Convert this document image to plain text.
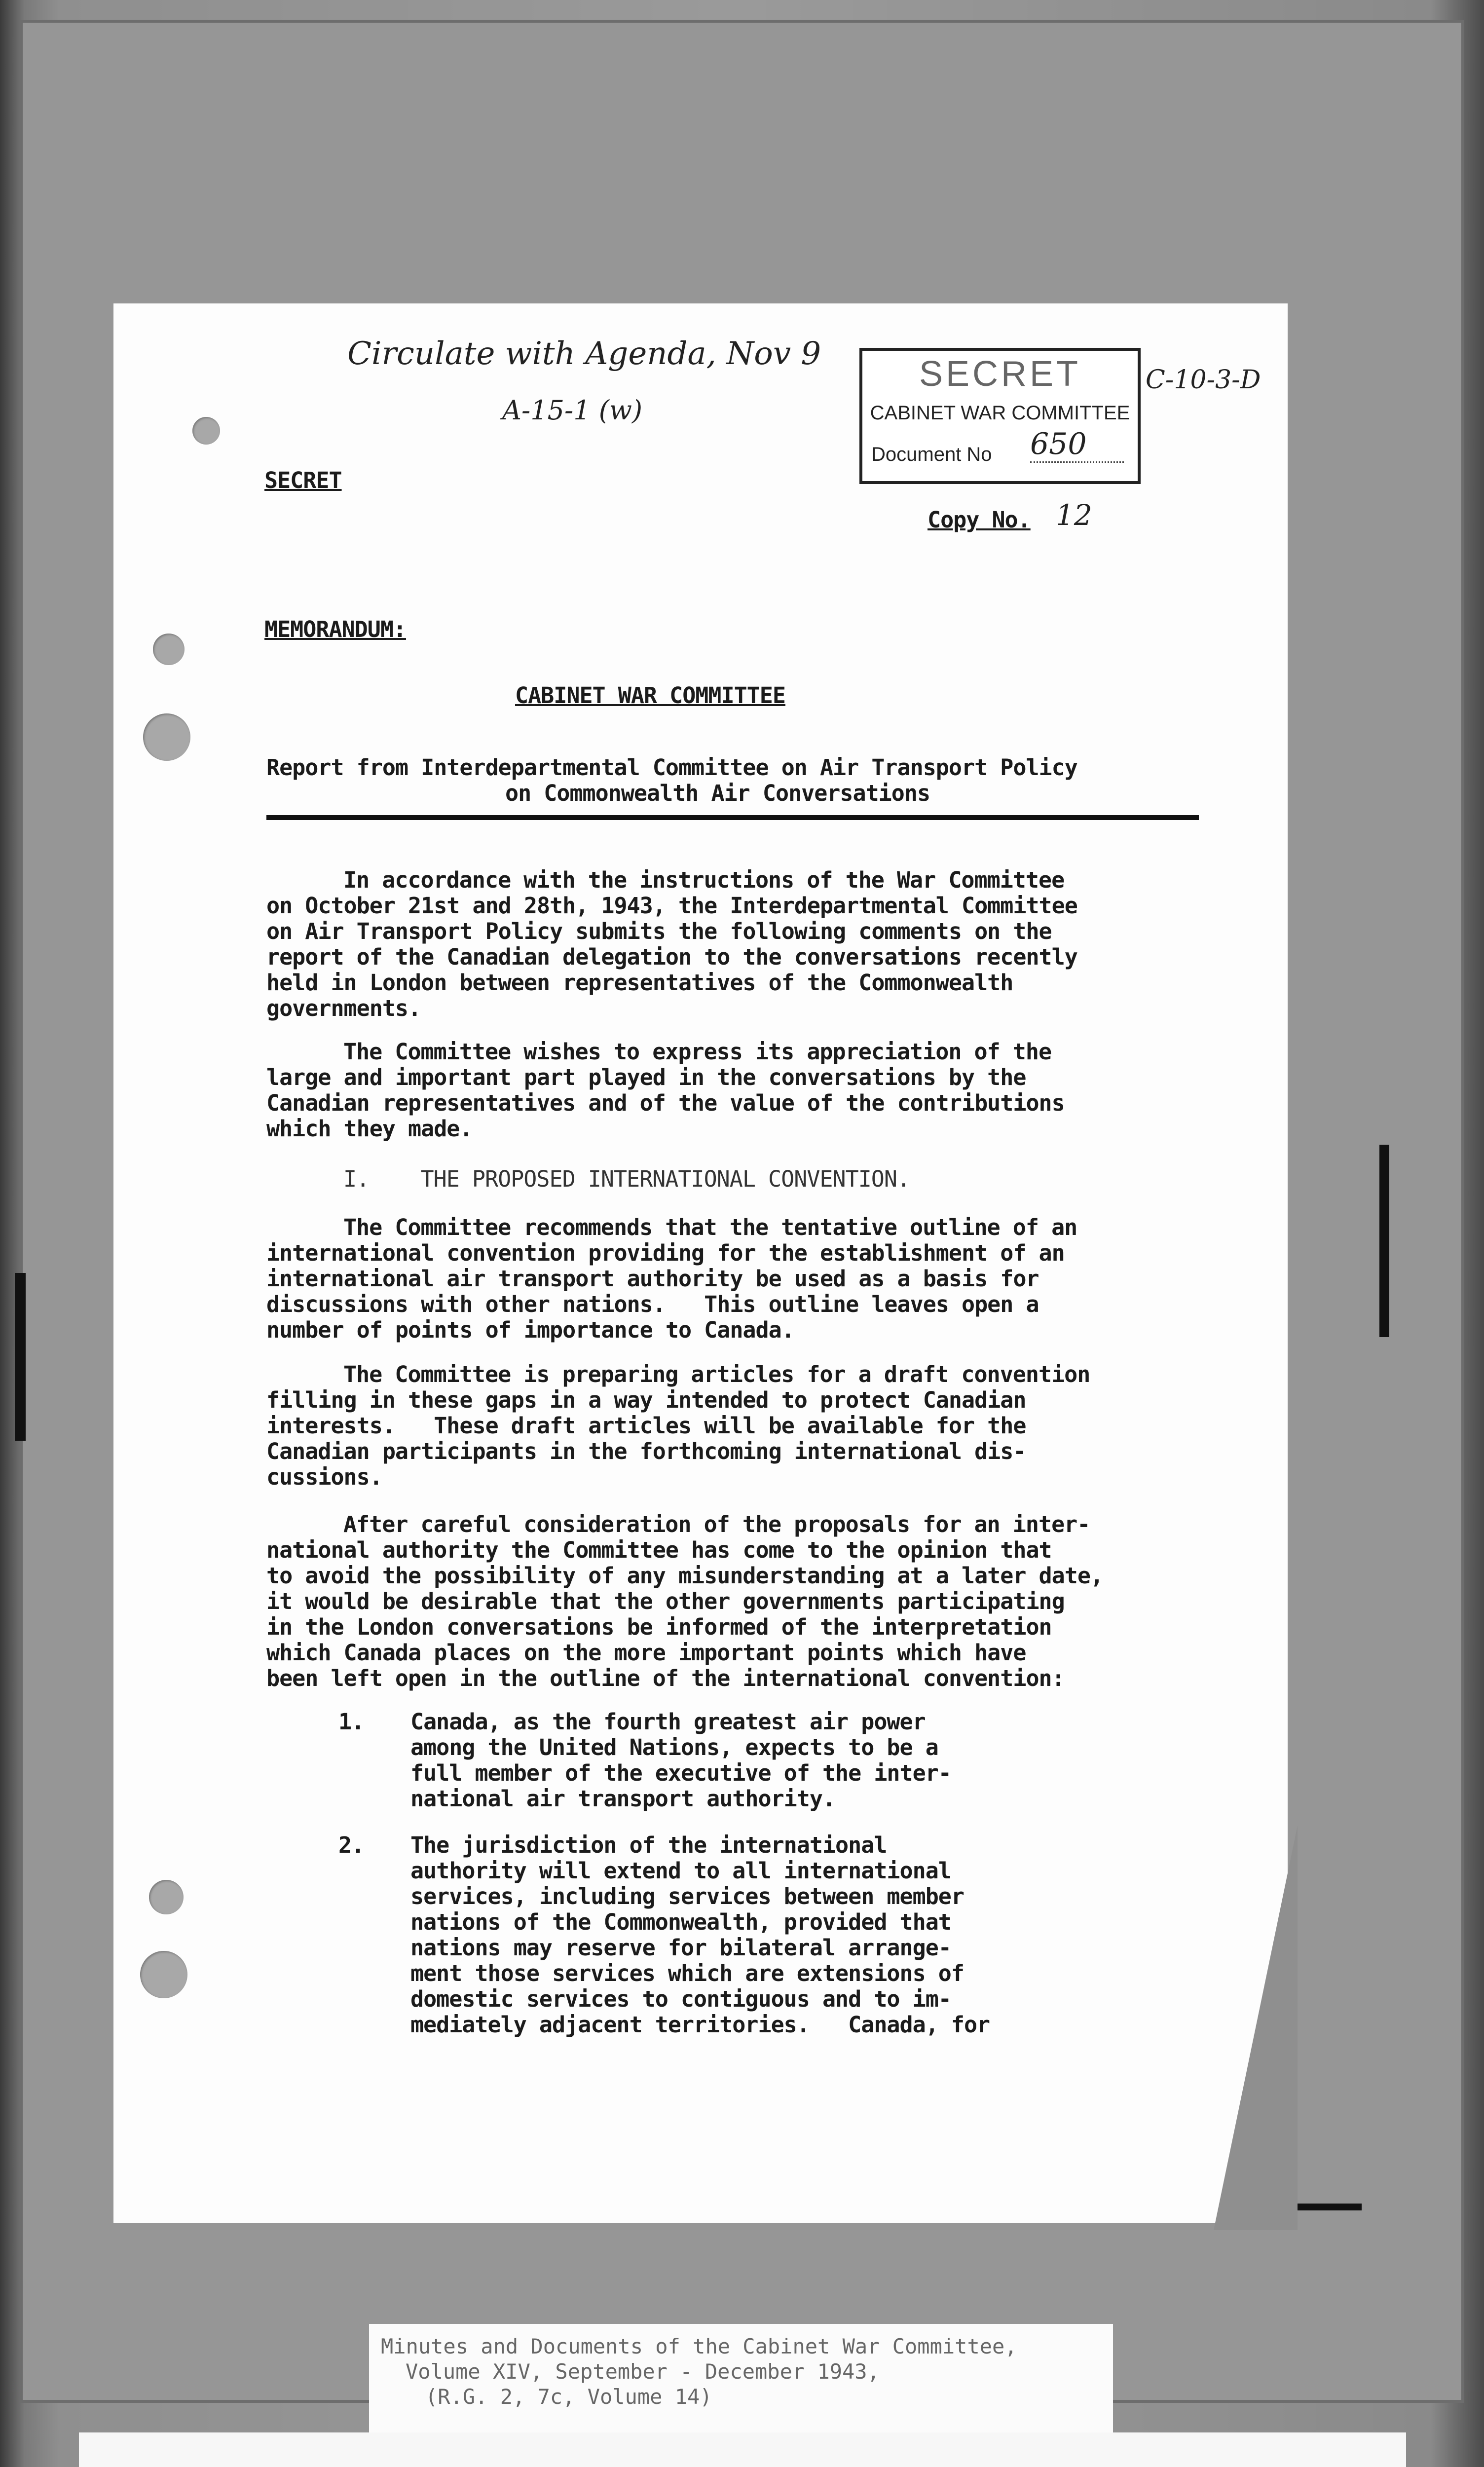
Circulate with Agenda, Nov 9
A-15-1 (w)
C-10-3-D
SECRET
CABINET WAR COMMITTEE
Document No 650
SECRET
Copy No. 12
MEMORANDUM:
CABINET WAR COMMITTEE
Report from Interdepartmental Committee on Air Transport Policy
on Commonwealth Air Conversations
In accordance with the instructions of the War Committee
on October 21st and 28th, 1943, the Interdepartmental Committee
on Air Transport Policy submits the following comments on the
report of the Canadian delegation to the conversations recently
held in London between representatives of the Commonwealth
governments.
The Committee wishes to express its appreciation of the
large and important part played in the conversations by the
Canadian representatives and of the value of the contributions
which they made.
I.    THE PROPOSED INTERNATIONAL CONVENTION.
The Committee recommends that the tentative outline of an
international convention providing for the establishment of an
international air transport authority be used as a basis for
discussions with other nations.   This outline leaves open a
number of points of importance to Canada.
The Committee is preparing articles for a draft convention
filling in these gaps in a way intended to protect Canadian
interests.   These draft articles will be available for the
Canadian participants in the forthcoming international dis-
cussions.
After careful consideration of the proposals for an inter-
national authority the Committee has come to the opinion that
to avoid the possibility of any misunderstanding at a later date,
it would be desirable that the other governments participating
in the London conversations be informed of the interpretation
which Canada places on the more important points which have
been left open in the outline of the international convention:
1. Canada, as the fourth greatest air power
among the United Nations, expects to be a
full member of the executive of the inter-
national air transport authority.
2. The jurisdiction of the international
authority will extend to all international
services, including services between member
nations of the Commonwealth, provided that
nations may reserve for bilateral arrange-
ment those services which are extensions of
domestic services to contiguous and to im-
mediately adjacent territories.   Canada, for
Minutes and Documents of the Cabinet War Committee,
Volume XIV, September - December 1943,
(R.G. 2, 7c, Volume 14)
